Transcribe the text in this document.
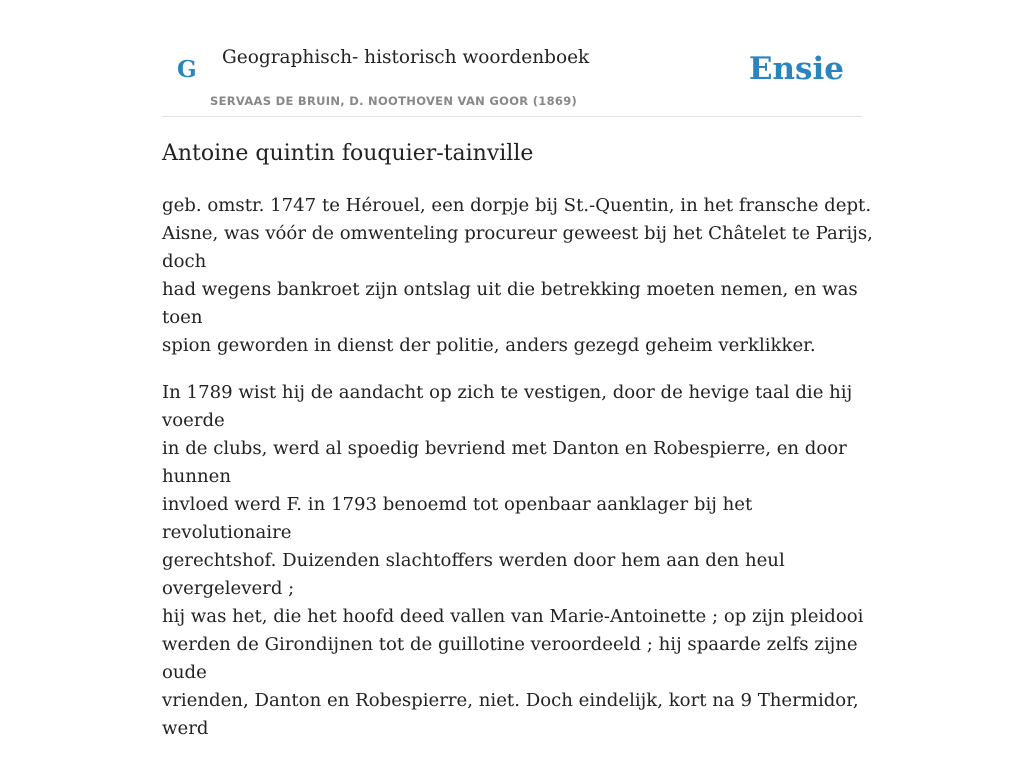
G Geographisch- historisch woordenboek
SERVAAS DE BRUIN, D. NOOTHOVEN VAN GOOR (1869)
Ensie
Antoine quintin fouquier-tainville

geb. omstr. 1747 te Hérouel, een dorpje bij St.-Quentin, in het fransche dept.
Aisne, was vóór de omwenteling procureur geweest bij het Châtelet te Parijs, doch
had wegens bankroet zijn ontslag uit die betrekking moeten nemen, en was toen
spion geworden in dienst der politie, anders gezegd geheim verklikker.

In 1789 wist hij de aandacht op zich te vestigen, door de hevige taal die hij voerde
in de clubs, werd al spoedig bevriend met Danton en Robespierre, en door hunnen
invloed werd F. in 1793 benoemd tot openbaar aanklager bij het revolutionaire
gerechtshof. Duizenden slachtoffers werden door hem aan den heul overgeleverd ;
hij was het, die het hoofd deed vallen van Marie-Antoinette ; op zijn pleidooi
werden de Girondijnen tot de guillotine veroordeeld ; hij spaarde zelfs zijne oude
vrienden, Danton en Robespierre, niet. Doch eindelijk, kort na 9 Thermidor, werd
